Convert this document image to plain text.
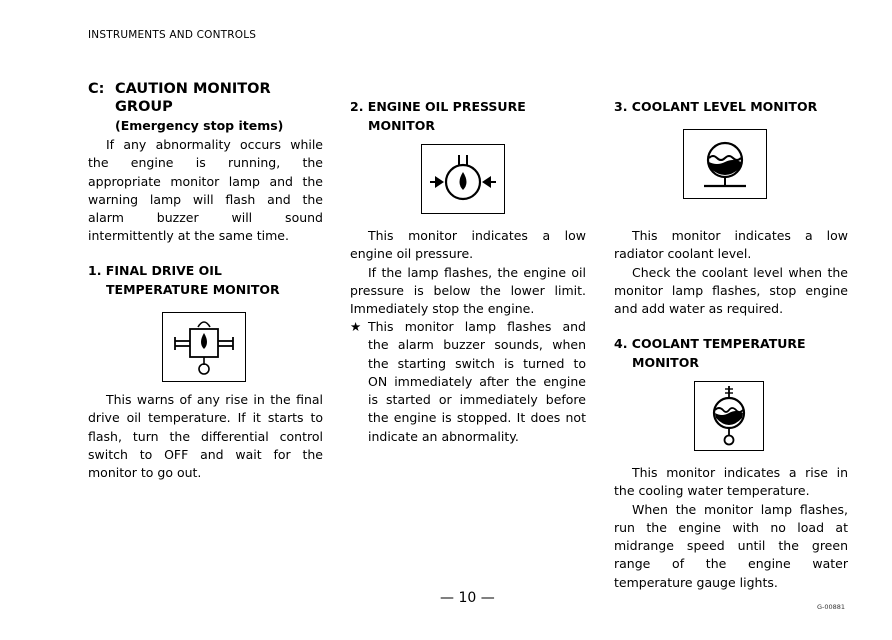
INSTRUMENTS AND CONTROLS
C: CAUTION MONITOR
GROUP
(Emergency stop items)
If any abnormality occurs while
the engine is running, the
appropriate monitor lamp and the
warning lamp will flash and the
alarm buzzer will sound
intermittently at the same time.
1. FINAL DRIVE OIL
TEMPERATURE MONITOR
This warns of any rise in the final
drive oil temperature. If it starts to
flash, turn the differential control
switch to OFF and wait for the
monitor to go out.
2. ENGINE OIL PRESSURE
MONITOR
This monitor indicates a low
engine oil pressure.
If the lamp flashes, the engine oil
pressure is below the lower limit.
Immediately stop the engine.
★ This monitor lamp flashes and
the alarm buzzer sounds, when
the starting switch is turned to
ON immediately after the engine
is started or immediately before
the engine is stopped. It does not
indicate an abnormality.
3. COOLANT LEVEL MONITOR
This monitor indicates a low
radiator coolant level.
Check the coolant level when the
monitor lamp flashes, stop engine
and add water as required.
4. COOLANT TEMPERATURE
MONITOR
This monitor indicates a rise in
the cooling water temperature.
When the monitor lamp flashes,
run the engine with no load at
midrange speed until the green
range of the engine water
temperature gauge lights.
— 10 —
G-00881
